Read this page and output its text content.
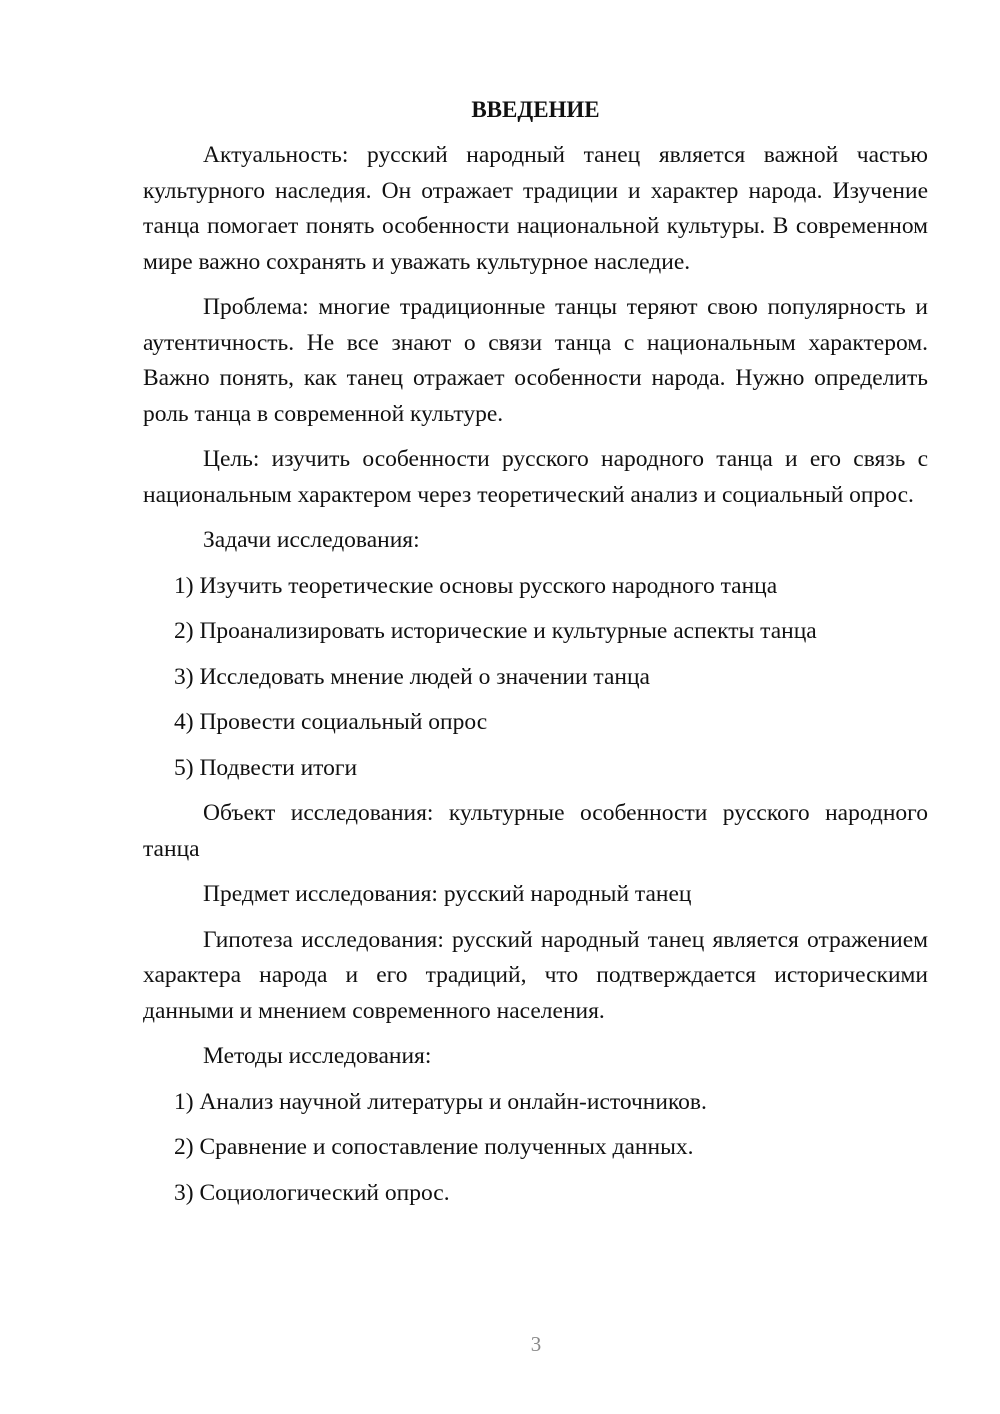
ВВЕДЕНИЕ
Актуальность: русский народный танец является важной частью культурного наследия. Он отражает традиции и характер народа. Изучение танца помогает понять особенности национальной культуры. В современном мире важно сохранять и уважать культурное наследие.
Проблема: многие традиционные танцы теряют свою популярность и аутентичность. Не все знают о связи танца с национальным характером. Важно понять, как танец отражает особенности народа. Нужно определить роль танца в современной культуре.
Цель: изучить особенности русского народного танца и его связь с национальным характером через теоретический анализ и социальный опрос.
Задачи исследования:
1) Изучить теоретические основы русского народного танца
2) Проанализировать исторические и культурные аспекты танца
3) Исследовать мнение людей о значении танца
4) Провести социальный опрос
5) Подвести итоги
Объект исследования: культурные особенности русского народного танца
Предмет исследования: русский народный танец
Гипотеза исследования: русский народный танец является отражением характера народа и его традиций, что подтверждается историческими данными и мнением современного населения.
Методы исследования:
1) Анализ научной литературы и онлайн-источников.
2) Сравнение и сопоставление полученных данных.
3) Социологический опрос.
3
